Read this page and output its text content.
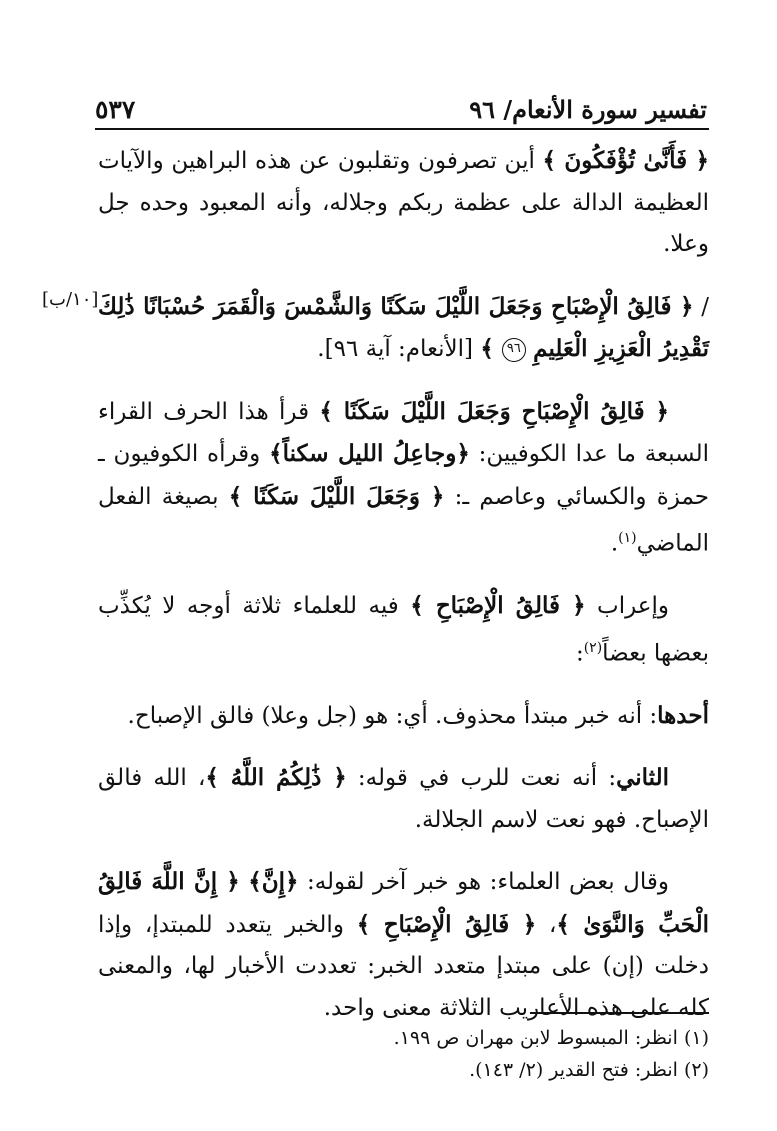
٥٣٧	تفسير سورة الأنعام/ ٩٦
[١٠/ب]

﴿ فَأَنَّىٰ تُؤْفَكُونَ ﴾ أين تصرفون وتقلبون عن هذه البراهين والآيات العظيمة الدالة على عظمة ربكم وجلاله، وأنه المعبود وحده جل وعلا.

/ ﴿ فَالِقُ الْإِصْبَاحِ وَجَعَلَ اللَّيْلَ سَكَنًا وَالشَّمْسَ وَالْقَمَرَ حُسْبَانًا ذَٰلِكَ تَقْدِيرُ الْعَزِيزِ الْعَلِيمِ ٩٦ ﴾ [الأنعام: آية ٩٦].

﴿ فَالِقُ الْإِصْبَاحِ وَجَعَلَ اللَّيْلَ سَكَنًا ﴾ قرأ هذا الحرف القراء السبعة ما عدا الكوفيين: ﴿وجاعِلُ الليل سكناً﴾ وقرأه الكوفيون ـ حمزة والكسائي وعاصم ـ: ﴿ وَجَعَلَ اللَّيْلَ سَكَنًا ﴾ بصيغة الفعل الماضي$^{(١)}$.

وإعراب ﴿ فَالِقُ الْإِصْبَاحِ ﴾ فيه للعلماء ثلاثة أوجه لا يُكذِّب بعضها بعضاً$^{(٢)}$:

أحدها: أنه خبر مبتدأ محذوف. أي: هو (جل وعلا) فالق الإصباح.

الثاني: أنه نعت للرب في قوله: ﴿ ذَٰلِكُمُ اللَّهُ ﴾، الله فالق الإصباح. فهو نعت لاسم الجلالة.

وقال بعض العلماء: هو خبر آخر لقوله: ﴿إِنَّ﴾ ﴿ إِنَّ اللَّهَ فَالِقُ الْحَبِّ وَالنَّوَىٰ ﴾، ﴿ فَالِقُ الْإِصْبَاحِ ﴾ والخبر يتعدد للمبتدإ، وإذا دخلت (إن) على مبتدإ متعدد الخبر: تعددت الأخبار لها، والمعنى كله على هذه الأعاريب الثلاثة معنى واحد.

(١) انظر: المبسوط لابن مهران ص ١٩٩.

(٢) انظر: فتح القدير (٢/ ١٤٣).
